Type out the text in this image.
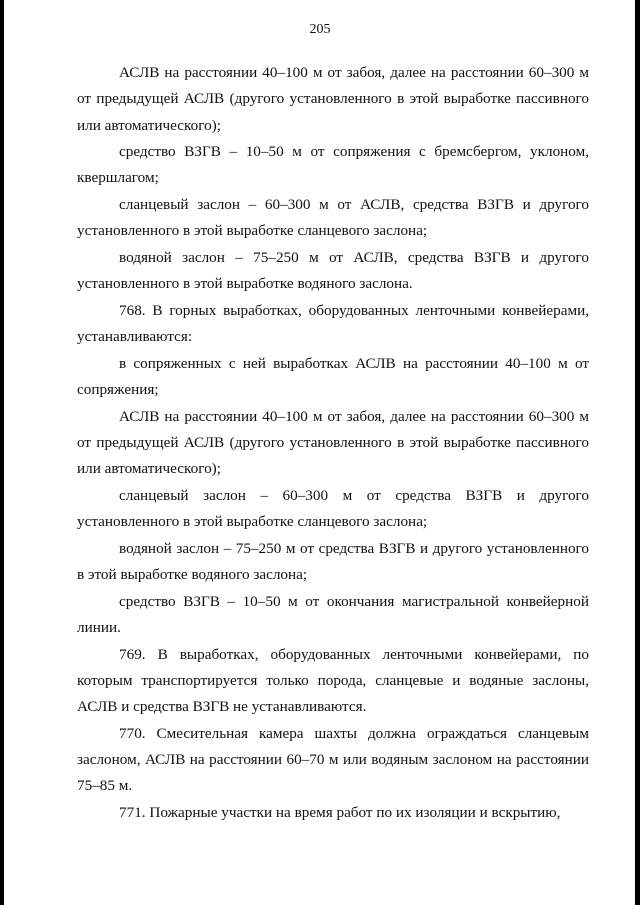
205

АСЛВ на расстоянии 40–100 м от забоя, далее на расстоянии 60–300 м от предыдущей АСЛВ (другого установленного в этой выработке пассивного или автоматического);

средство ВЗГВ – 10–50 м от сопряжения с бремсбергом, уклоном, квершлагом;

сланцевый заслон – 60–300 м от АСЛВ, средства ВЗГВ и другого установленного в этой выработке сланцевого заслона;

водяной заслон – 75–250 м от АСЛВ, средства ВЗГВ и другого установленного в этой выработке водяного заслона.

768. В горных выработках, оборудованных ленточными конвейерами, устанавливаются:

в сопряженных с ней выработках АСЛВ на расстоянии 40–100 м от сопряжения;

АСЛВ на расстоянии 40–100 м от забоя, далее на расстоянии 60–300 м от предыдущей АСЛВ (другого установленного в этой выработке пассивного или автоматического);

сланцевый заслон – 60–300 м от средства ВЗГВ и другого установленного в этой выработке сланцевого заслона;

водяной заслон – 75–250 м от средства ВЗГВ и другого установленного в этой выработке водяного заслона;

средство ВЗГВ – 10–50 м от окончания магистральной конвейерной линии.

769. В выработках, оборудованных ленточными конвейерами, по которым транспортируется только порода, сланцевые и водяные заслоны, АСЛВ и средства ВЗГВ не устанавливаются.

770. Смесительная камера шахты должна ограждаться сланцевым заслоном, АСЛВ на расстоянии 60–70 м или водяным заслоном на расстоянии 75–85 м.

771. Пожарные участки на время работ по их изоляции и вскрытию,
